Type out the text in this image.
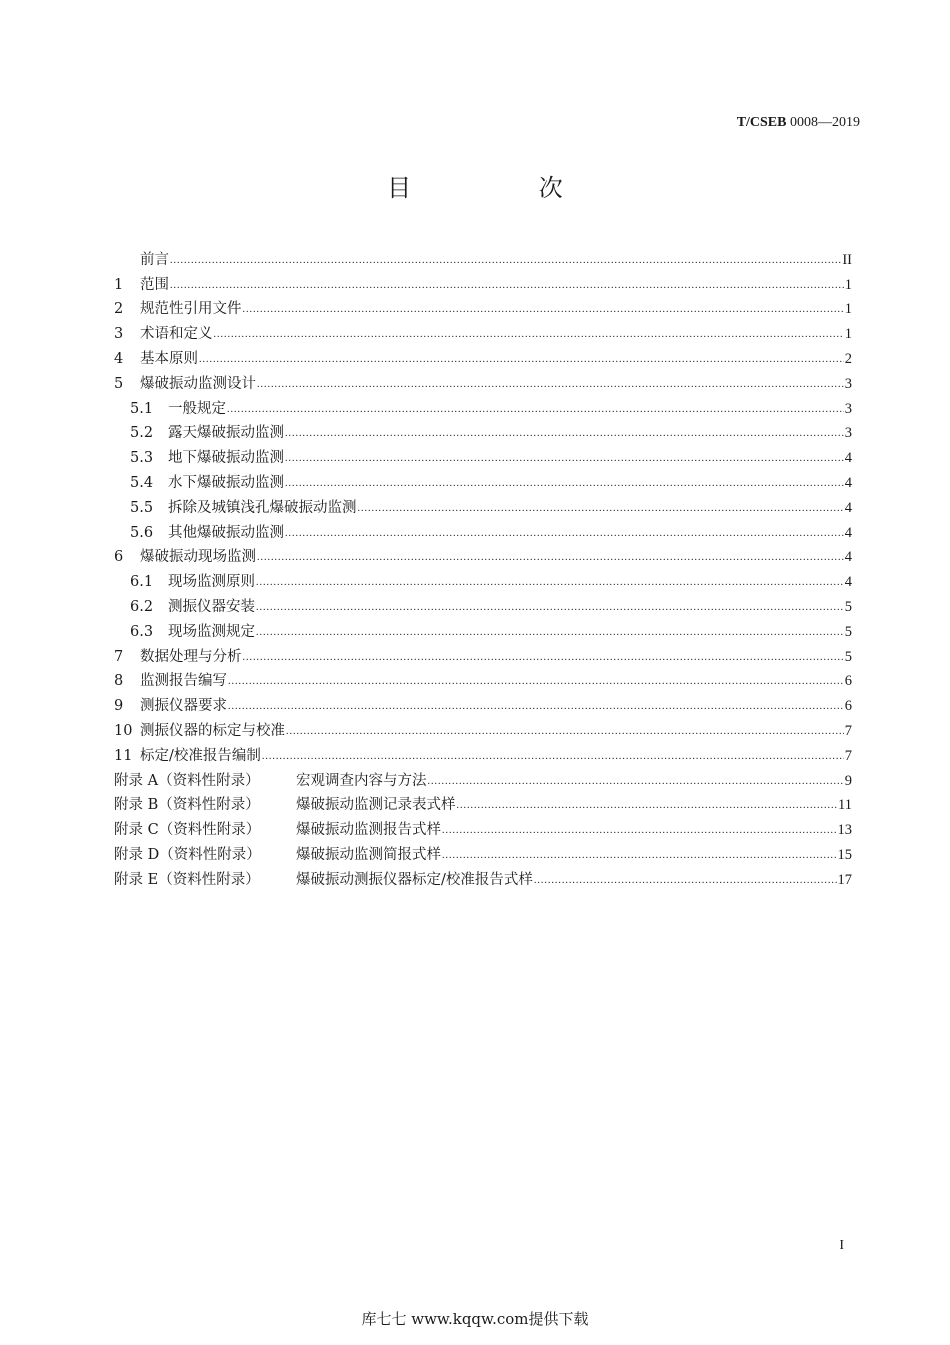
T/CSEB 0008—2019
目 次
前言 .....	II
1	范围 .....	1
2	规范性引用文件 .....	1
3	术语和定义 .....	1
4	基本原则 .....	2
5	爆破振动监测设计 .....	3
5.1	一般规定 .....	3
5.2	露天爆破振动监测 .....	3
5.3	地下爆破振动监测 .....	4
5.4	水下爆破振动监测 .....	4
5.5	拆除及城镇浅孔爆破振动监测 .....	4
5.6	其他爆破振动监测 .....	4
6	爆破振动现场监测 .....	4
6.1	现场监测原则 .....	4
6.2	测振仪器安装 .....	5
6.3	现场监测规定 .....	5
7	数据处理与分析 .....	5
8	监测报告编写 .....	6
9	测振仪器要求 .....	6
10 测振仪器的标定与校准 .....	7
11 标定/校准报告编制 .....	7
附录 A（资料性附录）	宏观调查内容与方法 .....	9
附录 B（资料性附录）	爆破振动监测记录表式样 .....	11
附录 C（资料性附录）	爆破振动监测报告式样 .....	13
附录 D（资料性附录）	爆破振动监测简报式样 .....	15
附录 E（资料性附录）	爆破振动测振仪器标定/校准报告式样 .....	17
I
库七七 www.kqqw.com提供下载
